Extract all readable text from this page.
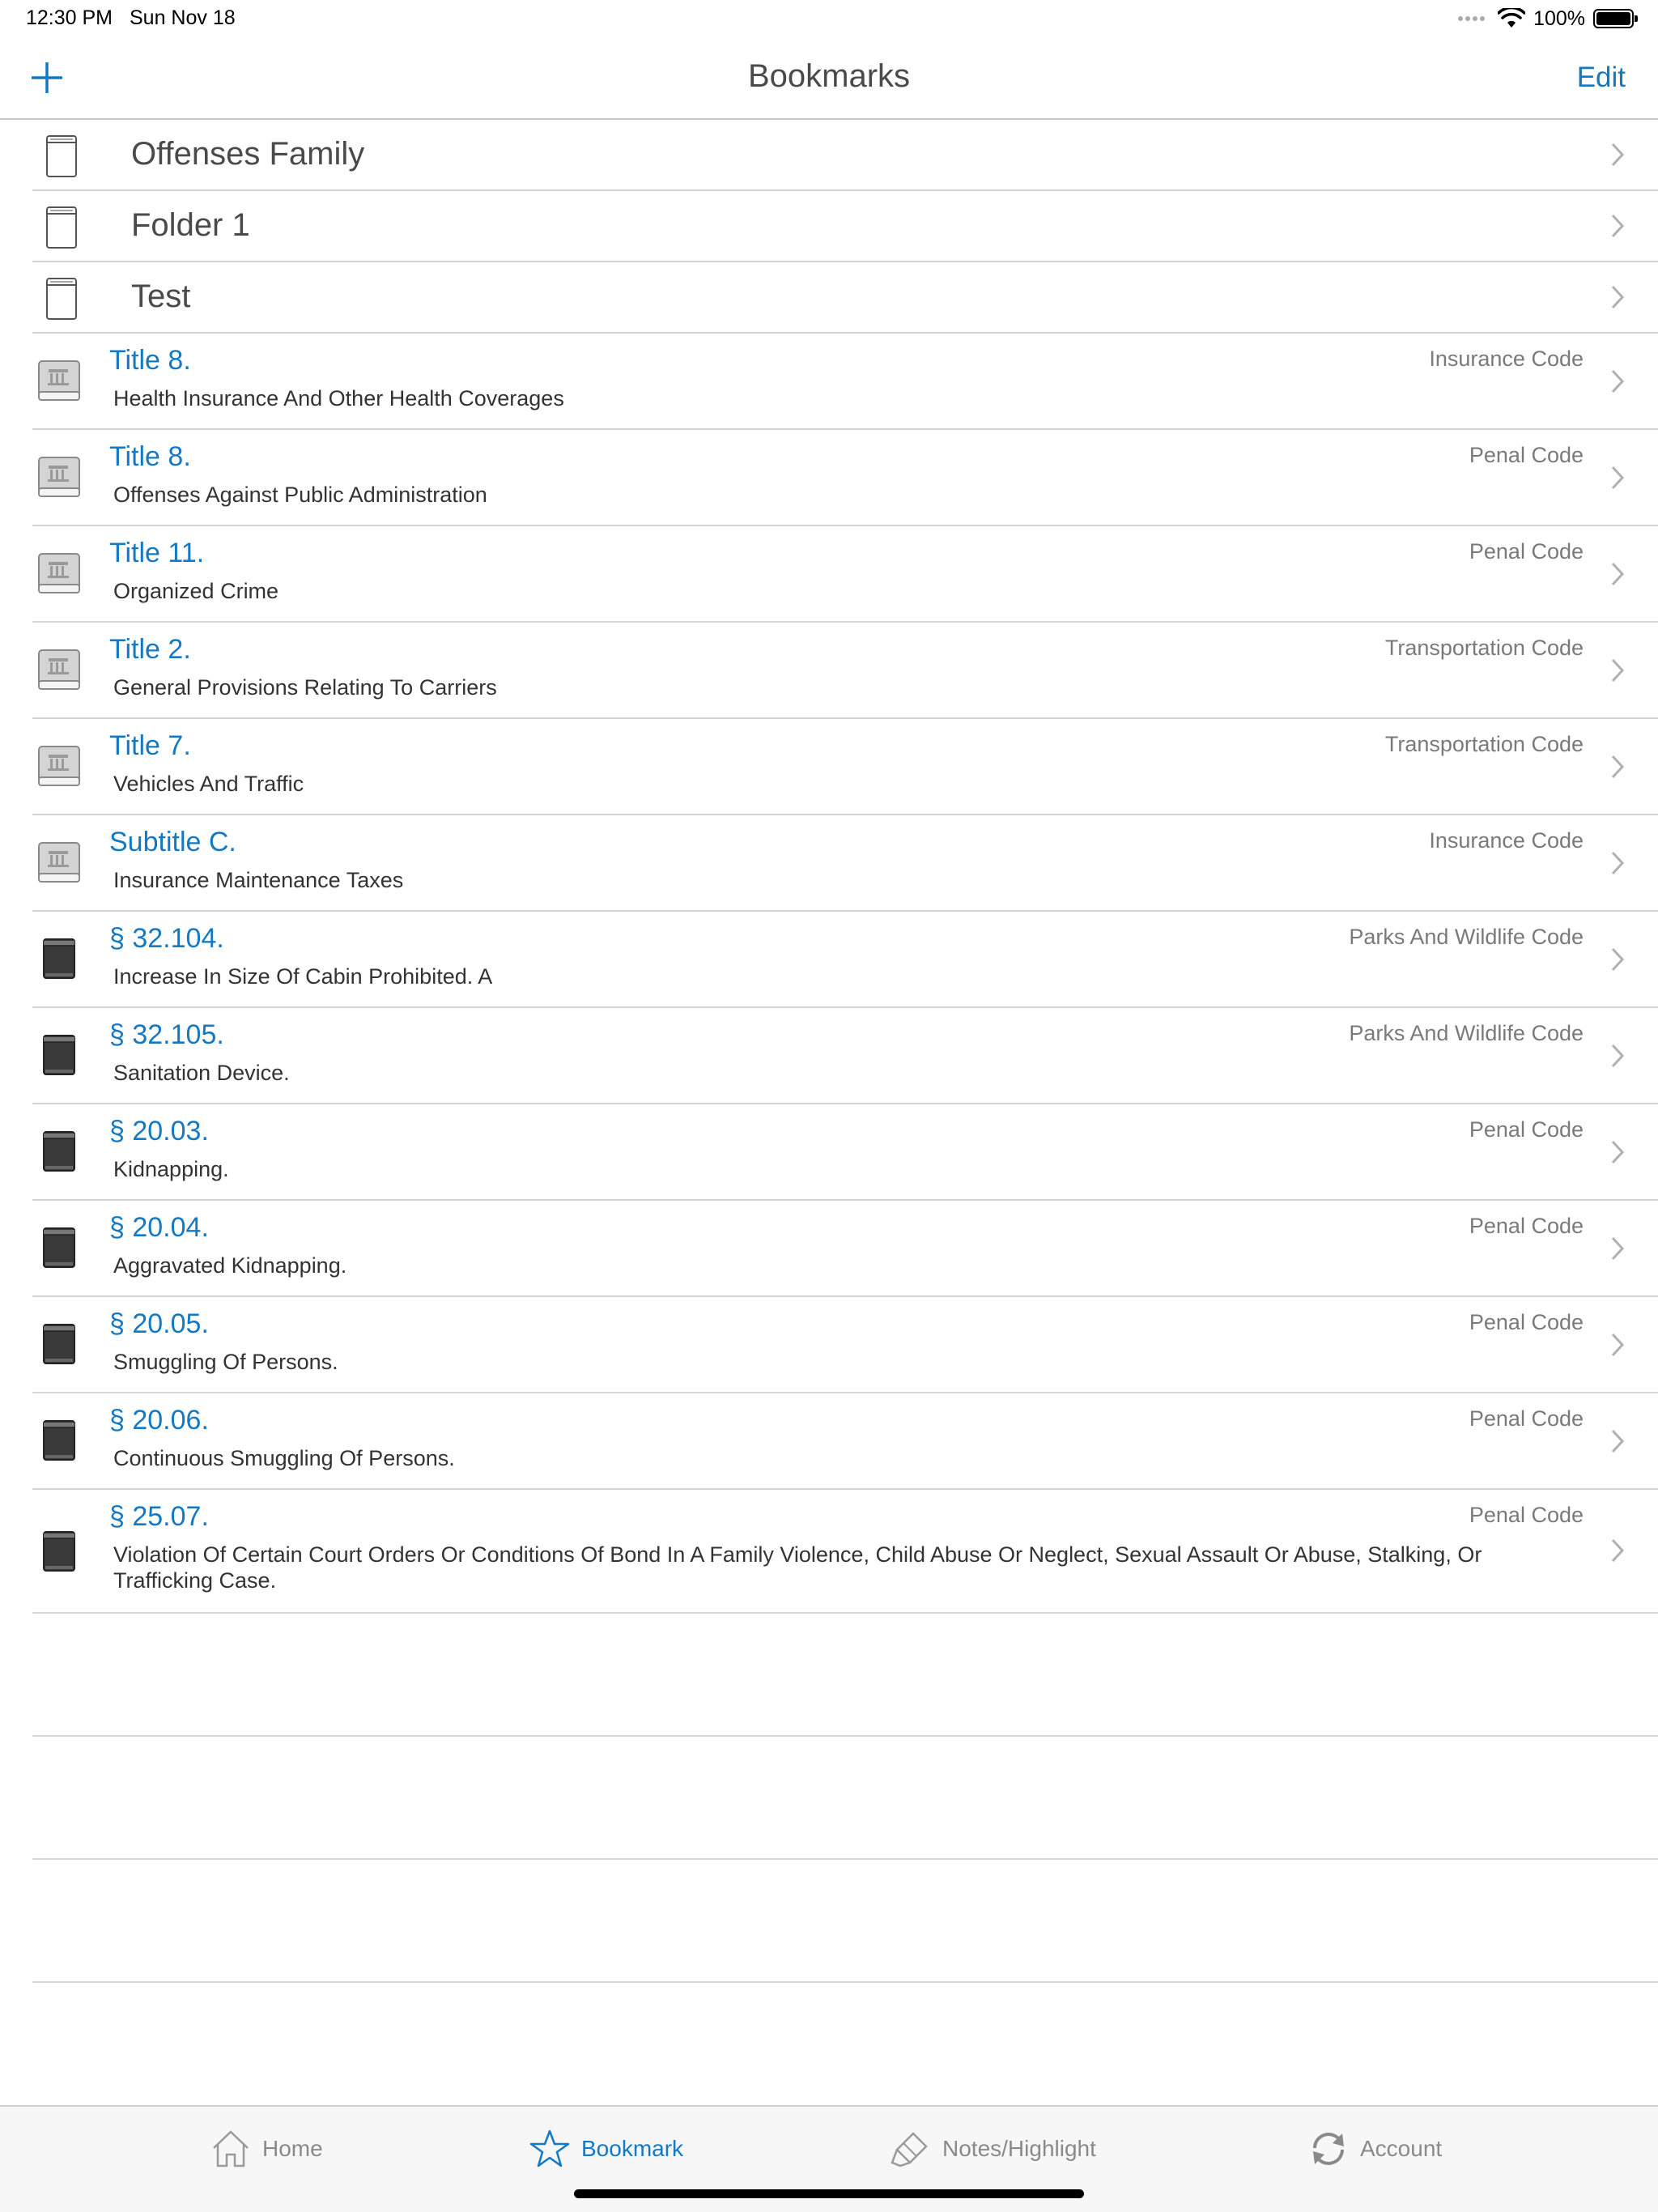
12:30 PM Sun Nov 18	100%
Bookmarks	Edit
Offenses Family
Folder 1
Test
Title 8.	Insurance Code
Health Insurance And Other Health Coverages
Title 8.	Penal Code
Offenses Against Public Administration
Title 11.	Penal Code
Organized Crime
Title 2.	Transportation Code
General Provisions Relating To Carriers
Title 7.	Transportation Code
Vehicles And Traffic
Subtitle C.	Insurance Code
Insurance Maintenance Taxes
§ 32.104.	Parks And Wildlife Code
Increase In Size Of Cabin Prohibited. A
§ 32.105.	Parks And Wildlife Code
Sanitation Device.
§ 20.03.	Penal Code
Kidnapping.
§ 20.04.	Penal Code
Aggravated Kidnapping.
§ 20.05.	Penal Code
Smuggling Of Persons.
§ 20.06.	Penal Code
Continuous Smuggling Of Persons.
§ 25.07.	Penal Code
Violation Of Certain Court Orders Or Conditions Of Bond In A Family Violence, Child Abuse Or Neglect, Sexual Assault Or Abuse, Stalking, Or Trafficking Case.
Home	Bookmark	Notes/Highlight	Account
